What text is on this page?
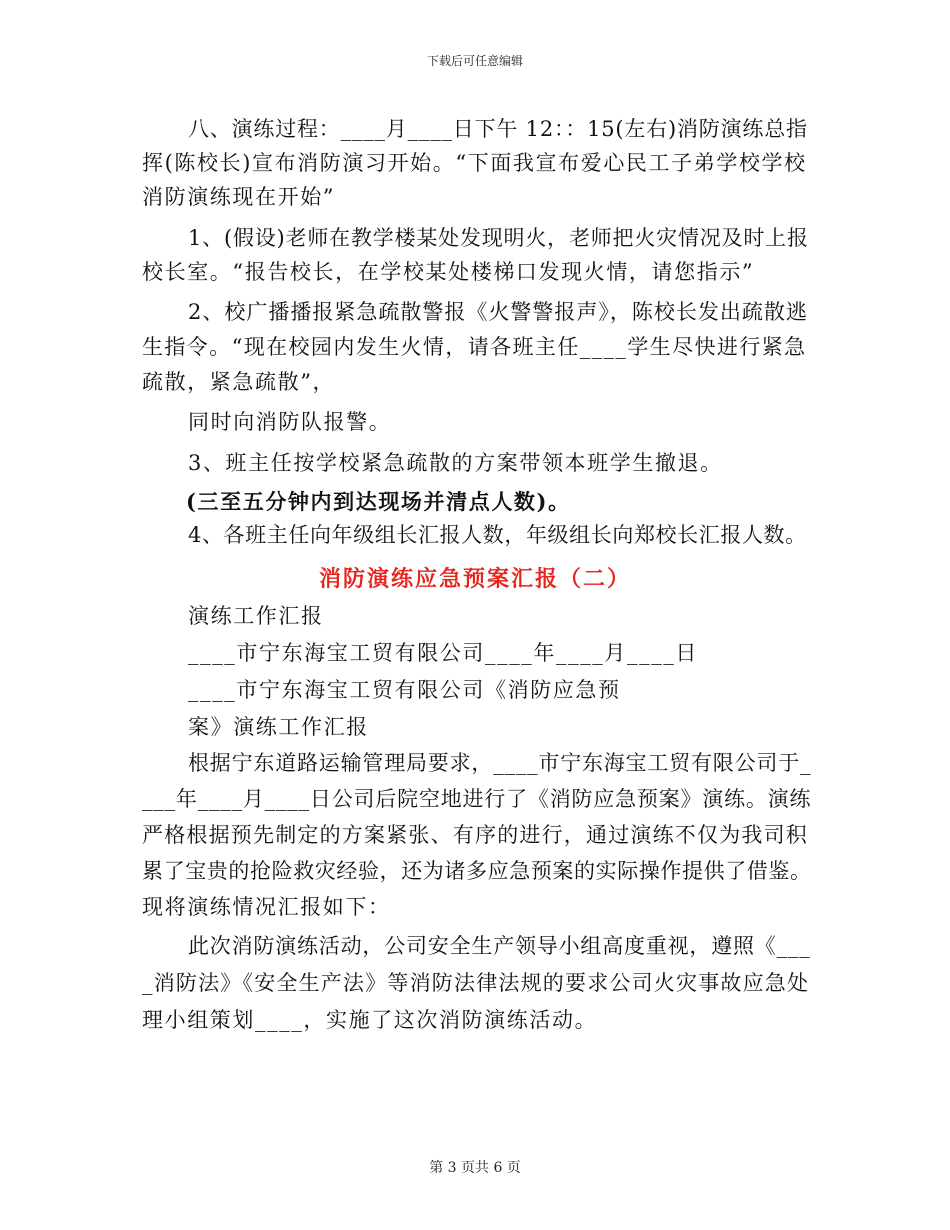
下载后可任意编辑
八、演练过程：____月____日下午 12：：15(左右)消防演练总指
挥(陈校长)宣布消防演习开始。“下面我宣布爱心民工子弟学校学校
消防演练现在开始”
1、(假设)老师在教学楼某处发现明火，老师把火灾情况及时上报
校长室。“报告校长，在学校某处楼梯口发现火情，请您指示”
2、校广播播报紧急疏散警报《火警警报声》，陈校长发出疏散逃
生指令。“现在校园内发生火情，请各班主任____学生尽快进行紧急
疏散，紧急疏散”，
同时向消防队报警。
3、班主任按学校紧急疏散的方案带领本班学生撤退。
(三至五分钟内到达现场并清点人数)。
4、各班主任向年级组长汇报人数，年级组长向郑校长汇报人数。
消防演练应急预案汇报（二）
演练工作汇报
____市宁东海宝工贸有限公司____年____月____日
____市宁东海宝工贸有限公司《消防应急预
案》演练工作汇报
根据宁东道路运输管理局要求，____市宁东海宝工贸有限公司于_
___年____月____日公司后院空地进行了《消防应急预案》演练。演练
严格根据预先制定的方案紧张、有序的进行，通过演练不仅为我司积
累了宝贵的抢险救灾经验，还为诸多应急预案的实际操作提供了借鉴。
现将演练情况汇报如下：
此次消防演练活动，公司安全生产领导小组高度重视，遵照《___
_消防法》《安全生产法》等消防法律法规的要求公司火灾事故应急处
理小组策划____，实施了这次消防演练活动。
第 3 页共 6 页
